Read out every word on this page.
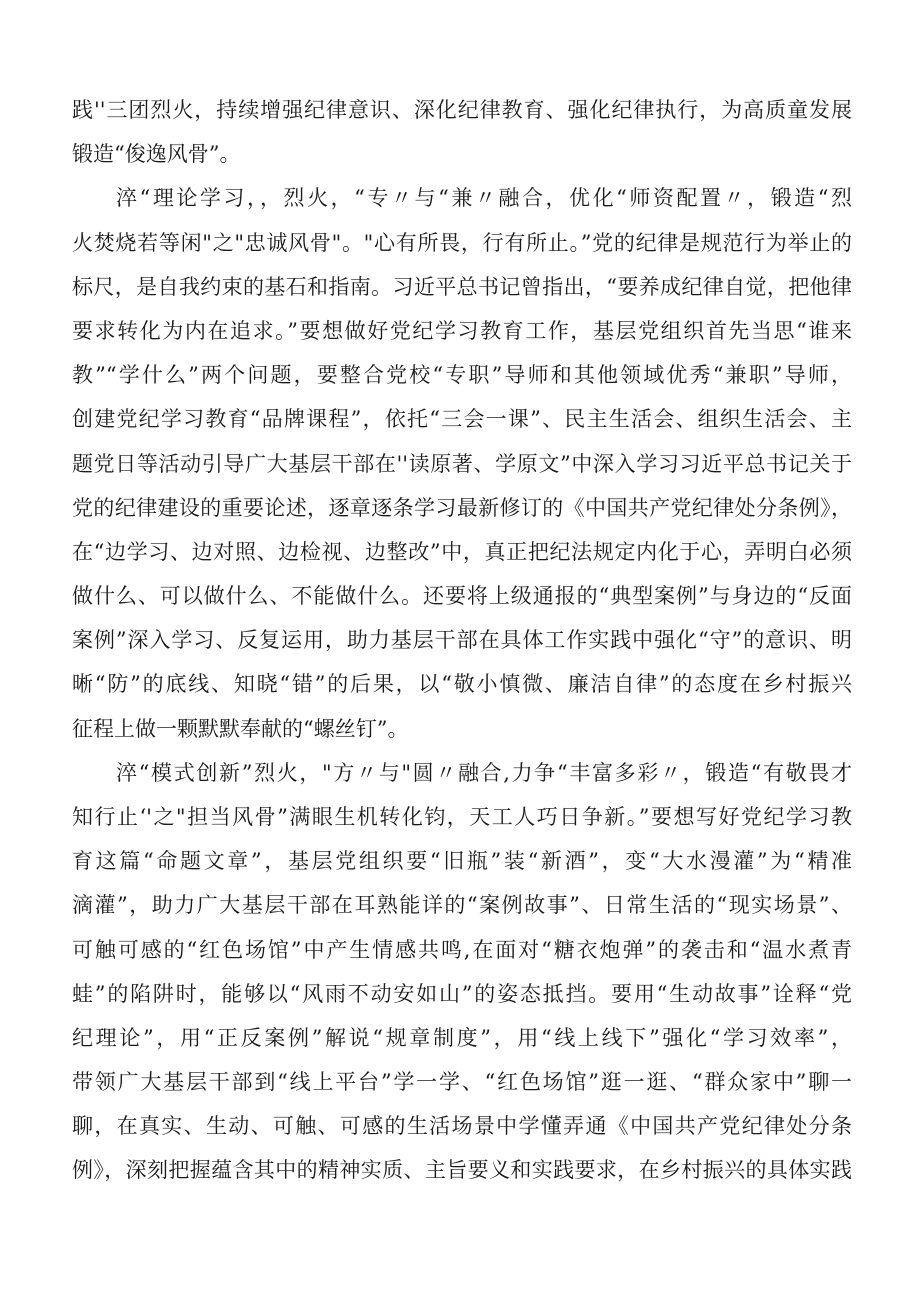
践''三团烈火，持续增强纪律意识、深化纪律教育、强化纪律执行，为高质童发展
锻造“俊逸风骨”。
淬“理论学习，，烈火，“专〃与“兼〃融合，优化“师资配置〃，锻造“烈
火焚烧若等闲"之"忠诚风骨"。"心有所畏，行有所止。”党的纪律是规范行为举止的
标尺，是自我约束的基石和指南。习近平总书记曾指出，“要养成纪律自觉，把他律
要求转化为内在追求。”要想做好党纪学习教育工作，基层党组织首先当思“谁来
教”“学什么”两个问题，要整合党校“专职”导师和其他领域优秀“兼职”导师，
创建党纪学习教育“品牌课程”，依托“三会一课”、民主生活会、组织生活会、主
题党日等活动引导广大基层干部在''读原著、学原文”中深入学习习近平总书记关于
党的纪律建设的重要论述，逐章逐条学习最新修订的《中国共产党纪律处分条例》，
在“边学习、边对照、边检视、边整改”中，真正把纪法规定内化于心，弄明白必须
做什么、可以做什么、不能做什么。还要将上级通报的“典型案例”与身边的“反面
案例”深入学习、反复运用，助力基层干部在具体工作实践中强化“守”的意识、明
晰“防”的底线、知晓“错”的后果，以“敬小慎微、廉洁自律”的态度在乡村振兴
征程上做一颗默默奉献的“螺丝钉”。
淬“模式创新”烈火，"方〃与"圆〃融合,力争“丰富多彩〃，锻造“有敬畏才
知行止‘'之"担当风骨”满眼生机转化钧，天工人巧日争新。”要想写好党纪学习教
育这篇“命题文章”，基层党组织要“旧瓶”装“新酒”，变“大水漫灌”为“精准
滴灌”，助力广大基层干部在耳熟能详的“案例故事”、日常生活的“现实场景”、
可触可感的“红色场馆”中产生情感共鸣,在面对“糖衣炮弹”的袭击和“温水煮青
蛙”的陷阱时，能够以“风雨不动安如山”的姿态抵挡。要用“生动故事”诠释“党
纪理论”，用“正反案例”解说“规章制度”，用“线上线下”强化“学习效率”，
带领广大基层干部到“线上平台”学一学、“红色场馆”逛一逛、“群众家中”聊一
聊，在真实、生动、可触、可感的生活场景中学懂弄通《中国共产党纪律处分条
例》，深刻把握蕴含其中的精神实质、主旨要义和实践要求，在乡村振兴的具体实践
